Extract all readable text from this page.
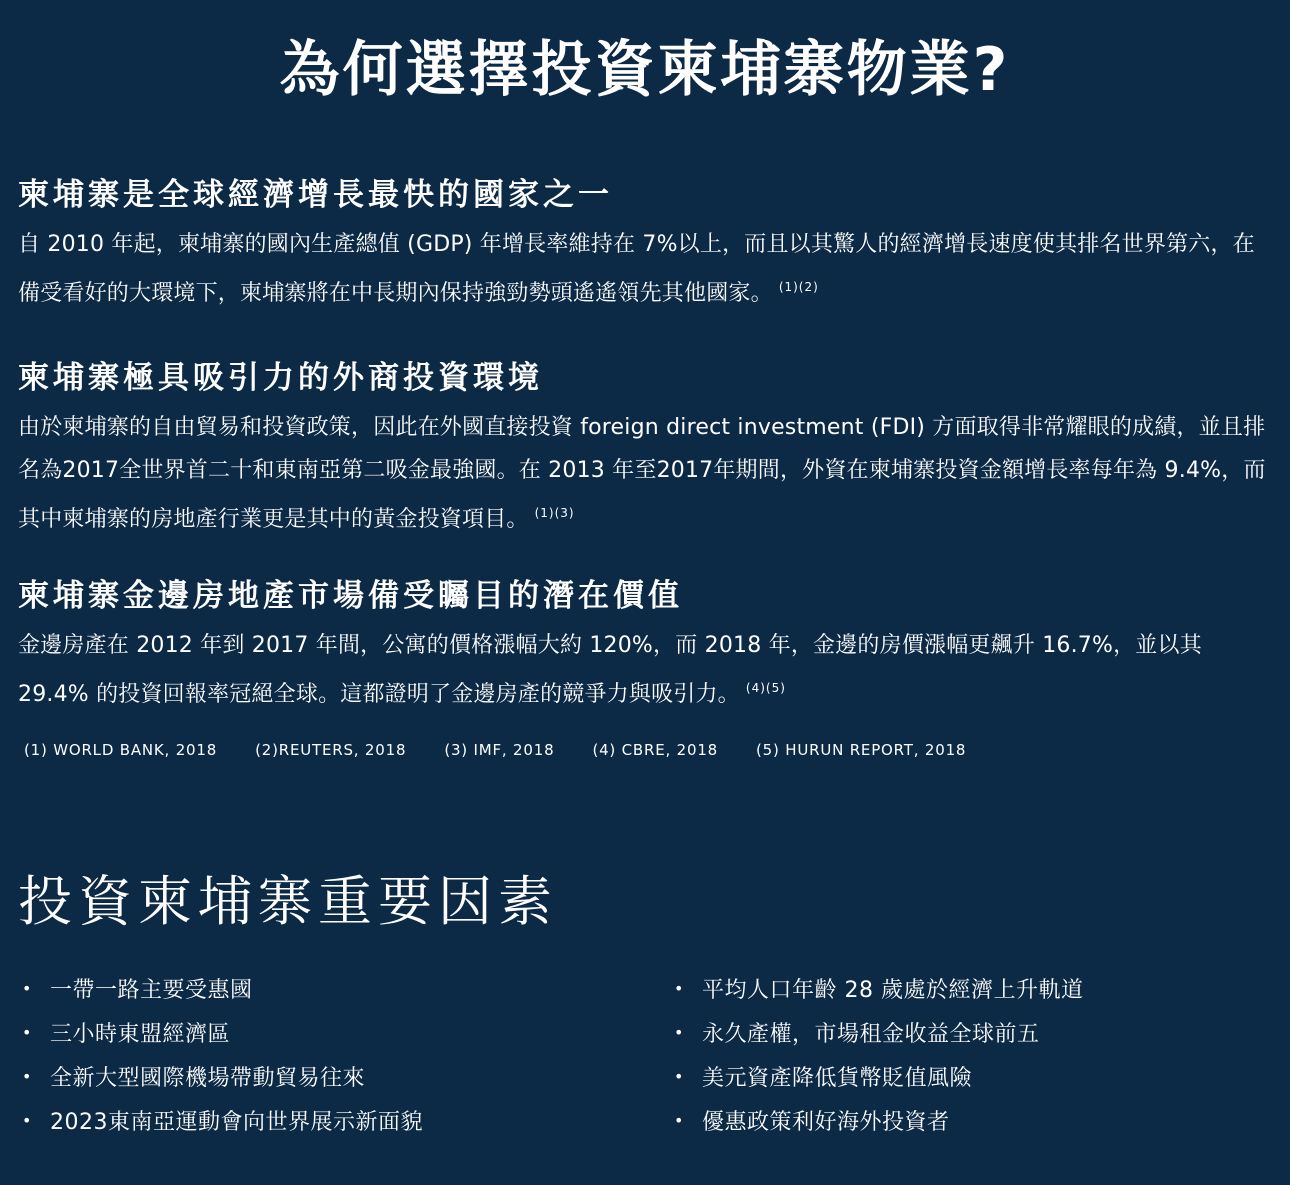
為何選擇投資柬埔寨物業?
柬埔寨是全球經濟增長最快的國家之一

自 2010 年起，柬埔寨的國內生產總值 (GDP) 年增長率維持在 7%以上，而且以其驚人的經濟增長速度使其排名世界第六，在備受看好的大環境下，柬埔寨將在中長期內保持強勁勢頭遙遙領先其他國家。 $^{(1)(2)}$

柬埔寨極具吸引力的外商投資環境

由於柬埔寨的自由貿易和投資政策，因此在外國直接投資 foreign direct investment (FDI) 方面取得非常耀眼的成績，並且排名為2017全世界首二十和東南亞第二吸金最強國。在 2013 年至2017年期間，外資在柬埔寨投資金額增長率每年為 9.4%，而其中柬埔寨的房地產行業更是其中的黃金投資項目。 $^{(1)(3)}$

柬埔寨金邊房地產市場備受矚目的潛在價值

金邊房產在 2012 年到 2017 年間，公寓的價格漲幅大約 120%，而 2018 年，金邊的房價漲幅更飆升 16.7%，並以其 29.4% 的投資回報率冠絕全球。這都證明了金邊房產的競爭力與吸引力。 $^{(4)(5)}$

(1) WORLD BANK, 2018	(2)REUTERS, 2018	(3) IMF, 2018	(4) CBRE, 2018	(5) HURUN REPORT, 2018
投資柬埔寨重要因素
• 一帶一路主要受惠國
• 三小時東盟經濟區
• 全新大型國際機場帶動貿易往來
• 2023東南亞運動會向世界展示新面貌
• 平均人口年齡 28 歲處於經濟上升軌道
• 永久產權，市場租金收益全球前五
• 美元資產降低貨幣貶值風險
• 優惠政策利好海外投資者
